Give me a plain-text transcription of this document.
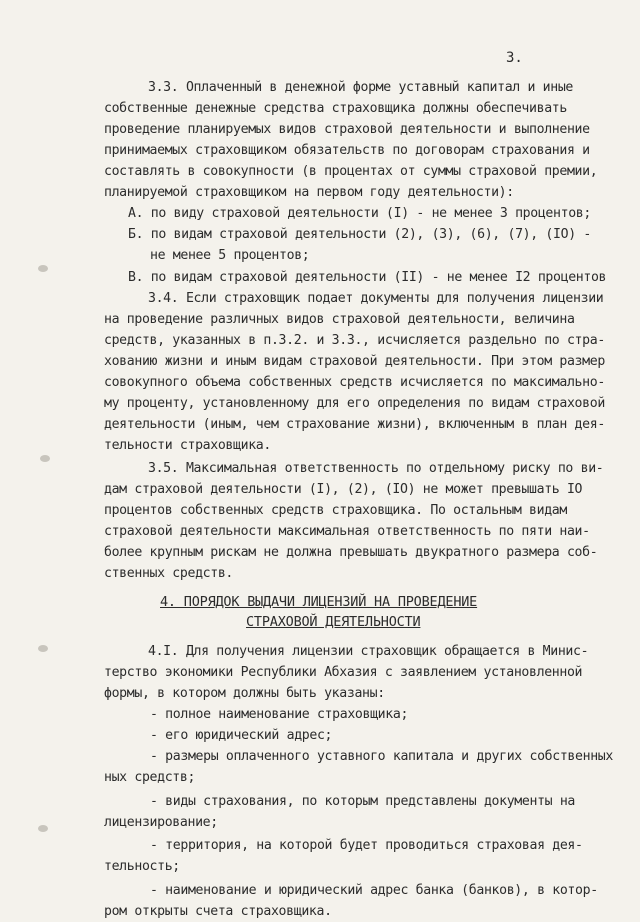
3.
3.3. Оплаченный в денежной форме уставный капитал и иные
собственные денежные средства страховщика должны обеспечивать
проведение планируемых видов страховой деятельности и выполнение
принимаемых страховщиком обязательств по договорам страхования и
составлять в совокупности (в процентах от суммы страховой премии,
планируемой страховщиком на первом году деятельности):
А. по виду страховой деятельности (I) - не менее 3 процентов;
Б. по видам страховой деятельности (2), (3), (6), (7), (IO) -
не менее 5 процентов;
В. по видам страховой деятельности (II) - не менее I2 процентов
3.4. Если страховщик подает документы для получения лицензии
на проведение различных видов страховой деятельности, величина
средств, указанных в п.3.2. и 3.3., исчисляется раздельно по стра-
хованию жизни и иным видам страховой деятельности. При этом размер
совокупного объема собственных средств исчисляется по максимально-
му проценту, установленному для его определения по видам страховой
деятельности (иным, чем страхование жизни), включенным в план дея-
тельности страховщика.
3.5. Максимальная ответственность по отдельному риску по ви-
дам страховой деятельности (I), (2), (IO) не может превышать IO
процентов собственных средств страховщика. По остальным видам
страховой деятельности максимальная ответственность по пяти наи-
более крупным рискам не должна превышать двукратного размера соб-
ственных средств.
4. ПОРЯДОК ВЫДАЧИ ЛИЦЕНЗИЙ НА ПРОВЕДЕНИЕ
СТРАХОВОЙ ДЕЯТЕЛЬНОСТИ
4.I. Для получения лицензии страховщик обращается в Минис-
терство экономики Республики Абхазия с заявлением установленной
формы, в котором должны быть указаны:
- полное наименование страховщика;
- его юридический адрес;
- размеры оплаченного уставного капитала и других собственных
ных средств;
- виды страхования, по которым представлены документы на
лицензирование;
- территория, на которой будет проводиться страховая дея-
тельность;
- наименование и юридический адрес банка (банков), в котор-
ром открыты счета страховщика.
